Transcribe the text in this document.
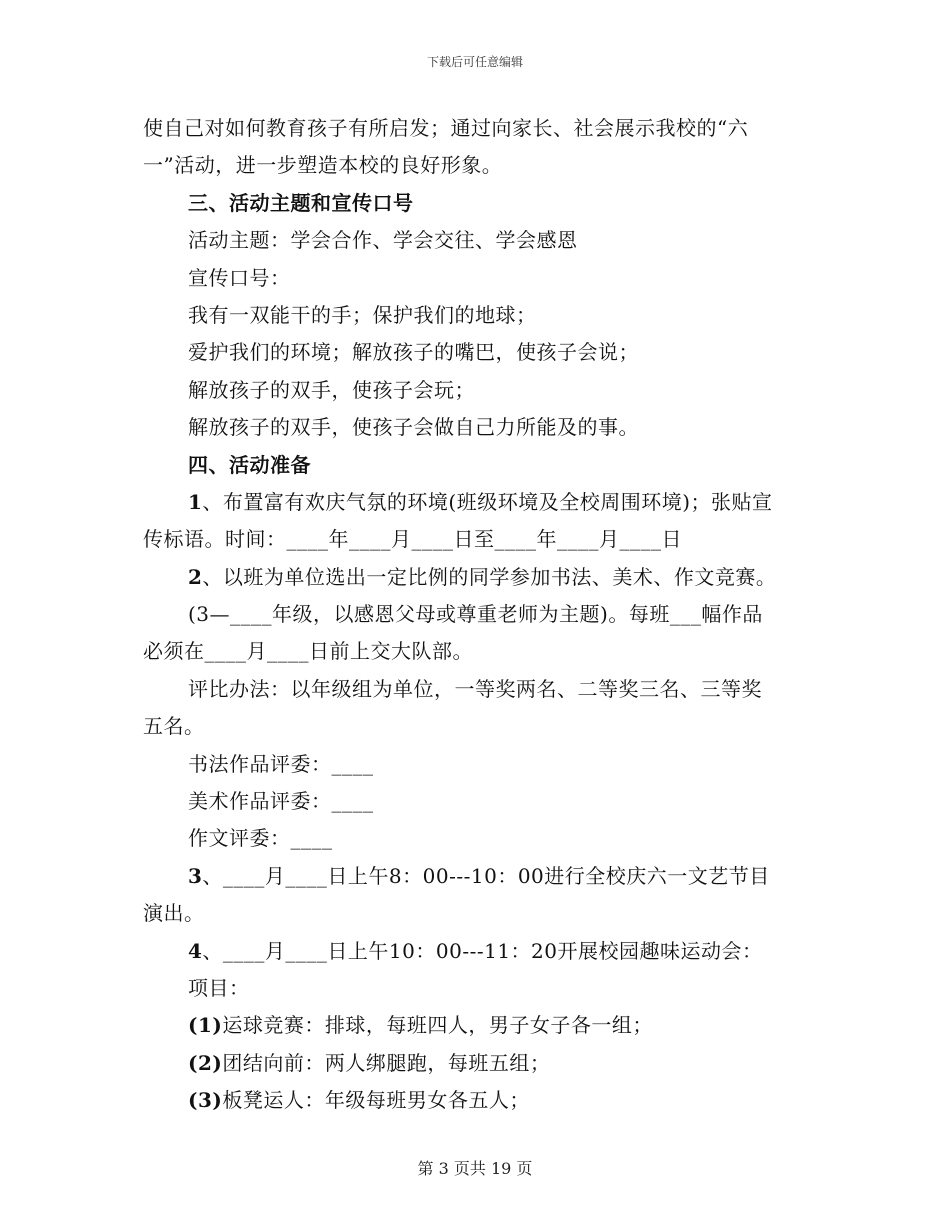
下载后可任意编辑
使自己对如何教育孩子有所启发；通过向家长、社会展示我校的“六
一”活动，进一步塑造本校的良好形象。
三、活动主题和宣传口号
活动主题：学会合作、学会交往、学会感恩
宣传口号：
我有一双能干的手；保护我们的地球；
爱护我们的环境；解放孩子的嘴巴，使孩子会说；
解放孩子的双手，使孩子会玩；
解放孩子的双手，使孩子会做自己力所能及的事。
四、活动准备
1、布置富有欢庆气氛的环境(班级环境及全校周围环境)；张贴宣
传标语。时间：____年____月____日至____年____月____日
2、以班为单位选出一定比例的同学参加书法、美术、作文竞赛。
(3—____年级，以感恩父母或尊重老师为主题)。每班___幅作品
必须在____月____日前上交大队部。
评比办法：以年级组为单位，一等奖两名、二等奖三名、三等奖
五名。
书法作品评委：____
美术作品评委：____
作文评委：____
3、____月____日上午8：00---10：00进行全校庆六一文艺节目
演出。
4、____月____日上午10：00---11：20开展校园趣味运动会：
项目：
(1)运球竞赛：排球，每班四人，男子女子各一组；
(2)团结向前：两人绑腿跑，每班五组；
(3)板凳运人：年级每班男女各五人；
第 3 页共 19 页
